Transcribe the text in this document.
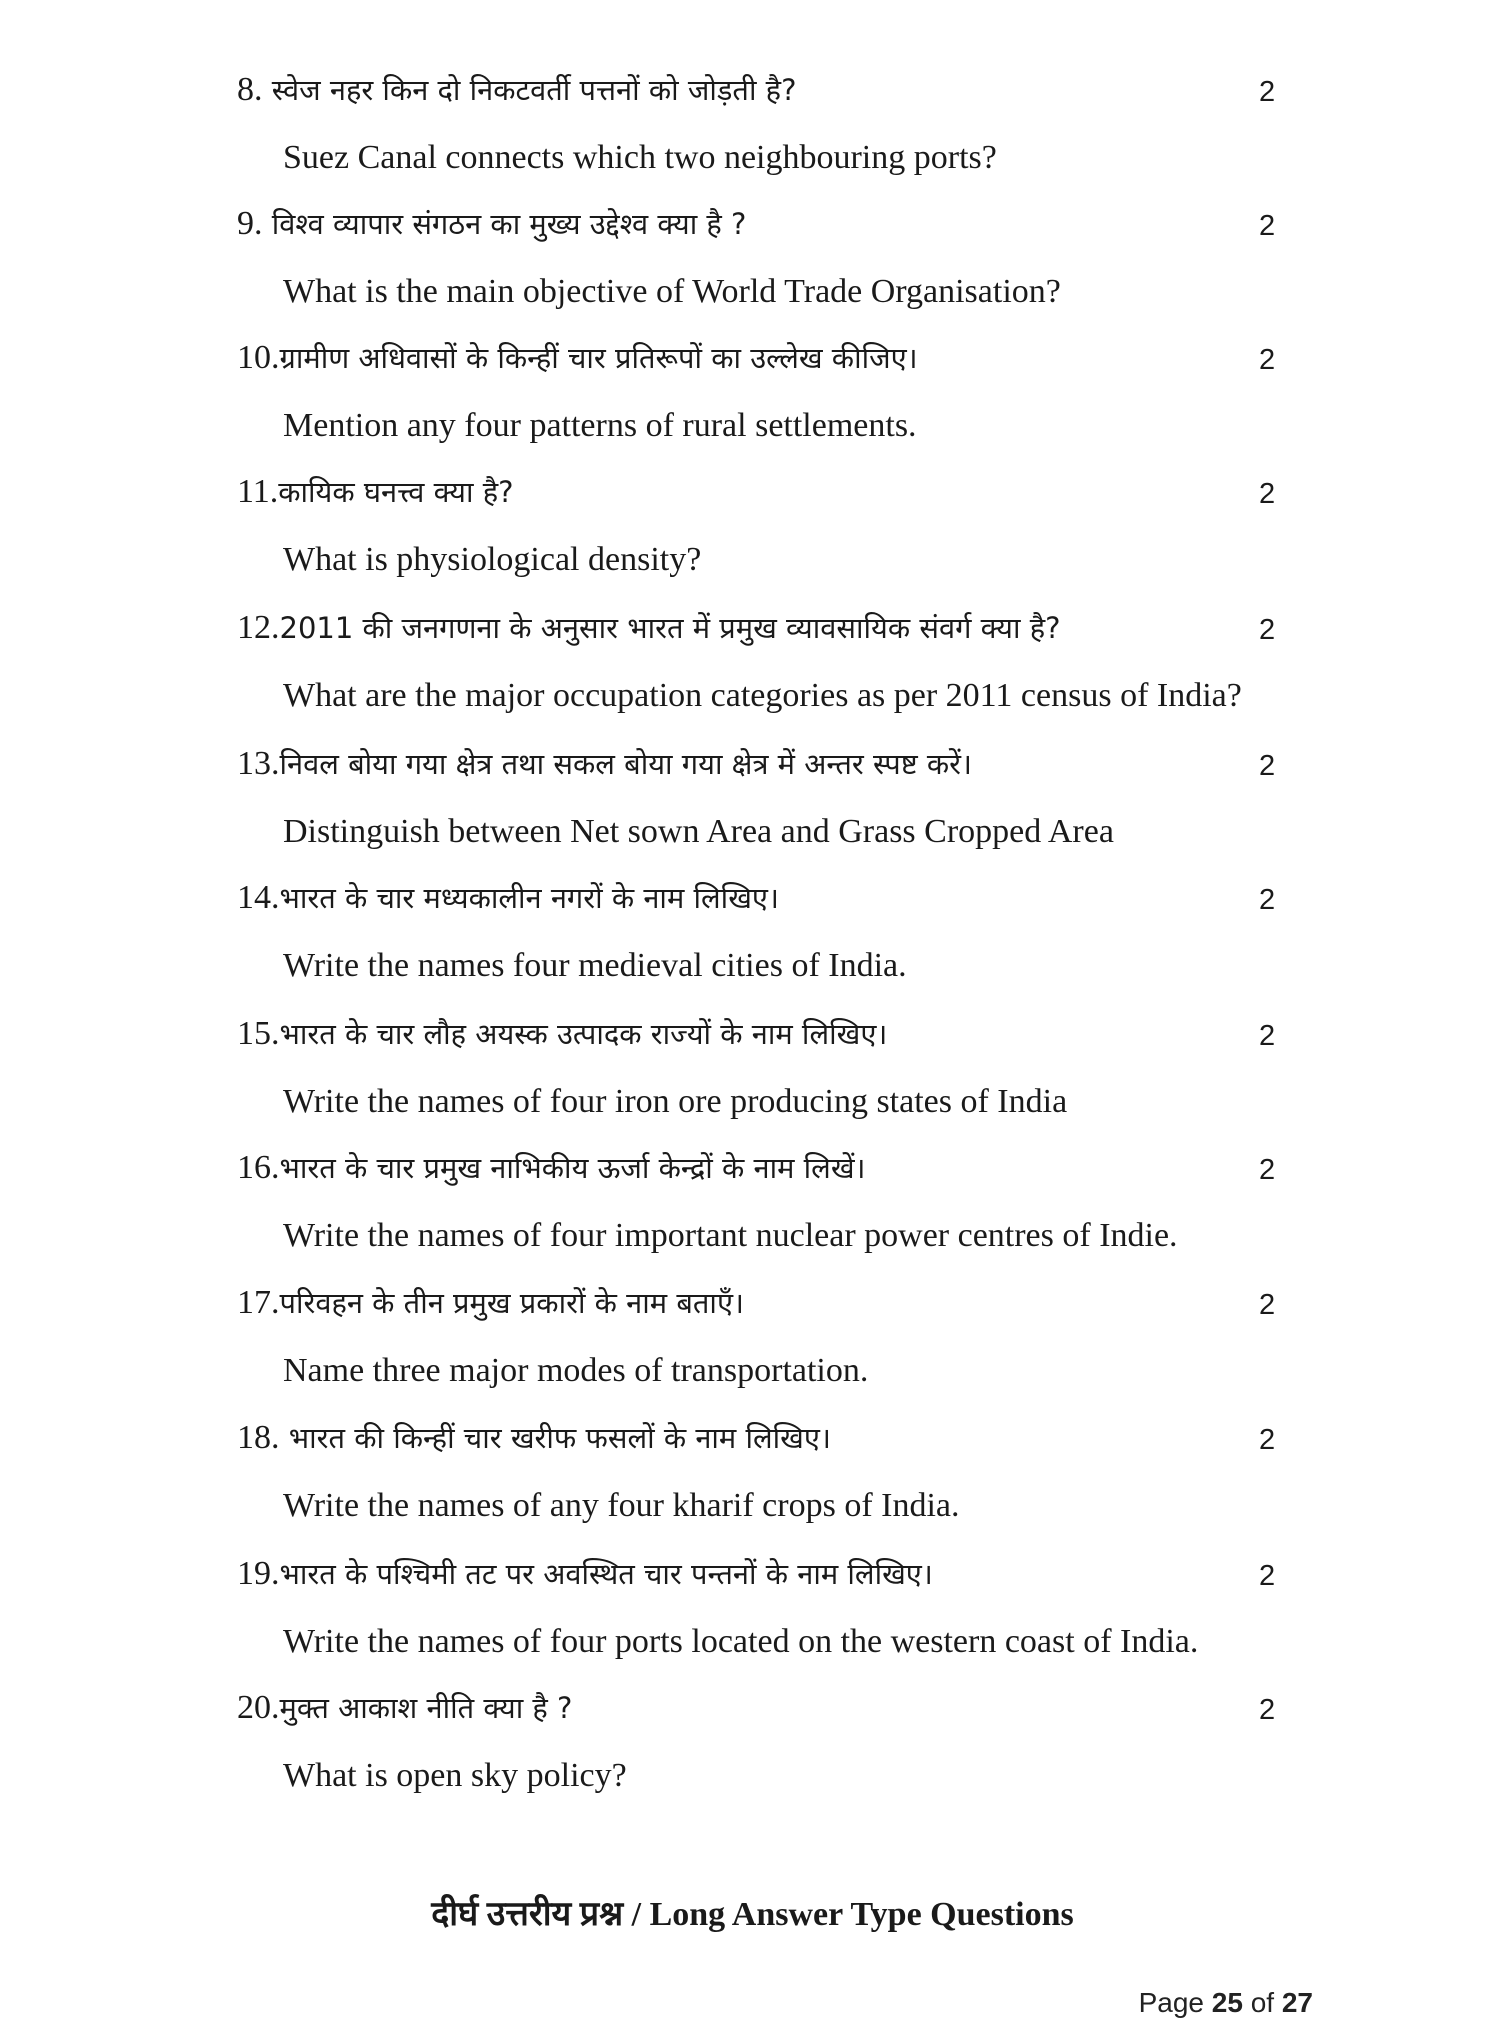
8. स्वेज नहर किन दो निकटवर्ती पत्तनों को जोड़ती है?	2
Suez Canal connects which two neighbouring ports?
9. विश्व व्यापार संगठन का मुख्य उद्देश्व क्या है ?	2
What is the main objective of World Trade Organisation?
10.ग्रामीण अधिवासों के किन्हीं चार प्रतिरूपों का उल्लेख कीजिए।	2
Mention any four patterns of rural settlements.
11.कायिक घनत्त्व क्या है?	2
What is physiological density?
12.2011 की जनगणना के अनुसार भारत में प्रमुख व्यावसायिक संवर्ग क्या है?	2
What are the major occupation categories as per 2011 census of India?
13.निवल बोया गया क्षेत्र तथा सकल बोया गया क्षेत्र में अन्तर स्पष्ट करें।	2
Distinguish between Net sown Area and Grass Cropped Area
14.भारत के चार मध्यकालीन नगरों के नाम लिखिए।	2
Write the names four medieval cities of India.
15.भारत के चार लौह अयस्क उत्पादक राज्यों के नाम लिखिए।	2
Write the names of four iron ore producing states of India
16.भारत के चार प्रमुख नाभिकीय ऊर्जा केन्द्रों के नाम लिखें।	2
Write the names of four important nuclear power centres of Indie.
17.परिवहन के तीन प्रमुख प्रकारों के नाम बताएँ।	2
Name three major modes of transportation.
18. भारत की किन्हीं चार खरीफ फसलों के नाम लिखिए।	2
Write the names of any four kharif crops of India.
19.भारत के पश्चिमी तट पर अवस्थित चार पन्तनों के नाम लिखिए।	2
Write the names of four ports located on the western coast of India.
20.मुक्त आकाश नीति क्या है ?	2
What is open sky policy?
दीर्घ उत्तरीय प्रश्न / Long Answer Type Questions
Page 25 of 27
